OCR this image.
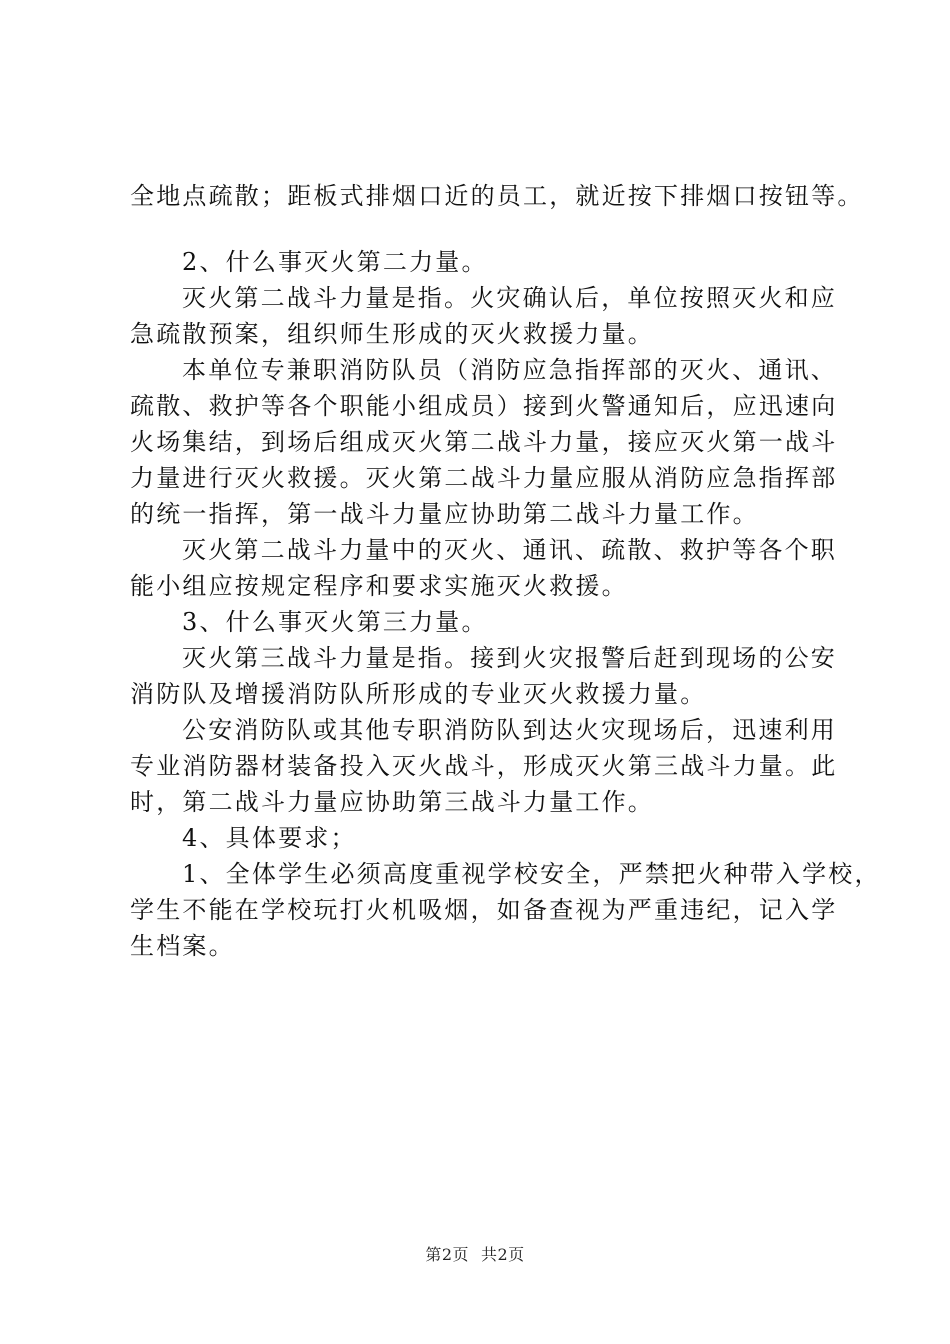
全地点疏散；距板式排烟口近的员工，就近按下排烟口按钮等。
2、什么事灭火第二力量。
灭火第二战斗力量是指。火灾确认后，单位按照灭火和应
急疏散预案，组织师生形成的灭火救援力量。
本单位专兼职消防队员（消防应急指挥部的灭火、通讯、
疏散、救护等各个职能小组成员）接到火警通知后，应迅速向
火场集结，到场后组成灭火第二战斗力量，接应灭火第一战斗
力量进行灭火救援。灭火第二战斗力量应服从消防应急指挥部
的统一指挥，第一战斗力量应协助第二战斗力量工作。
灭火第二战斗力量中的灭火、通讯、疏散、救护等各个职
能小组应按规定程序和要求实施灭火救援。
3、什么事灭火第三力量。
灭火第三战斗力量是指。接到火灾报警后赶到现场的公安
消防队及增援消防队所形成的专业灭火救援力量。
公安消防队或其他专职消防队到达火灾现场后，迅速利用
专业消防器材装备投入灭火战斗，形成灭火第三战斗力量。此
时，第二战斗力量应协助第三战斗力量工作。
4、具体要求；
1、全体学生必须高度重视学校安全，严禁把火种带入学校，
学生不能在学校玩打火机吸烟，如备查视为严重违纪，记入学
生档案。
第2页 共2页
